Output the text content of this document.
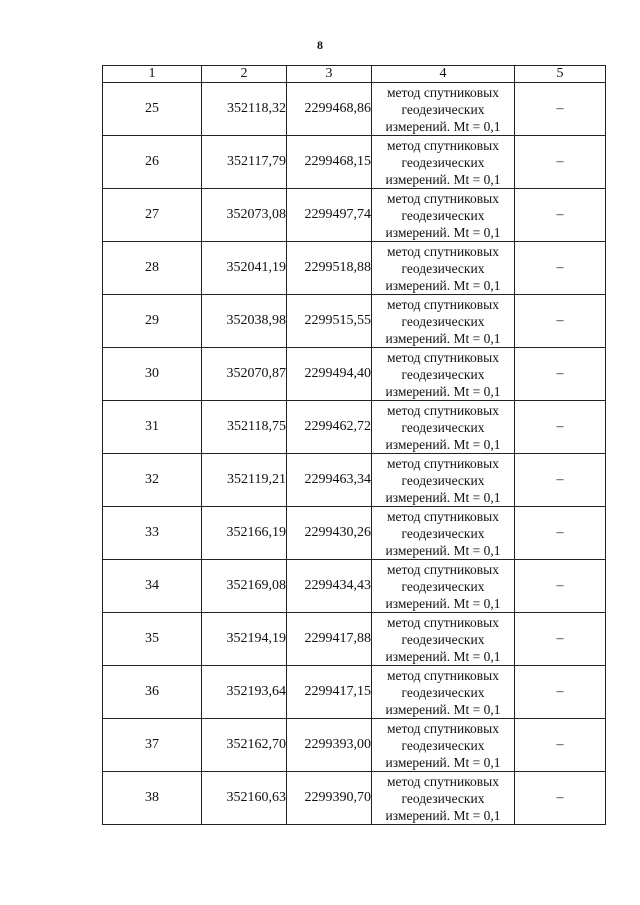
8
1	2	3	4	5
25	352118,32	2299468,86	метод спутниковых
геодезических
измерений. Mt = 0,1	–
26	352117,79	2299468,15	метод спутниковых
геодезических
измерений. Mt = 0,1	–
27	352073,08	2299497,74	метод спутниковых
геодезических
измерений. Mt = 0,1	–
28	352041,19	2299518,88	метод спутниковых
геодезических
измерений. Mt = 0,1	–
29	352038,98	2299515,55	метод спутниковых
геодезических
измерений. Mt = 0,1	–
30	352070,87	2299494,40	метод спутниковых
геодезических
измерений. Mt = 0,1	–
31	352118,75	2299462,72	метод спутниковых
геодезических
измерений. Mt = 0,1	–
32	352119,21	2299463,34	метод спутниковых
геодезических
измерений. Mt = 0,1	–
33	352166,19	2299430,26	метод спутниковых
геодезических
измерений. Mt = 0,1	–
34	352169,08	2299434,43	метод спутниковых
геодезических
измерений. Mt = 0,1	–
35	352194,19	2299417,88	метод спутниковых
геодезических
измерений. Mt = 0,1	–
36	352193,64	2299417,15	метод спутниковых
геодезических
измерений. Mt = 0,1	–
37	352162,70	2299393,00	метод спутниковых
геодезических
измерений. Mt = 0,1	–
38	352160,63	2299390,70	метод спутниковых
геодезических
измерений. Mt = 0,1	–
